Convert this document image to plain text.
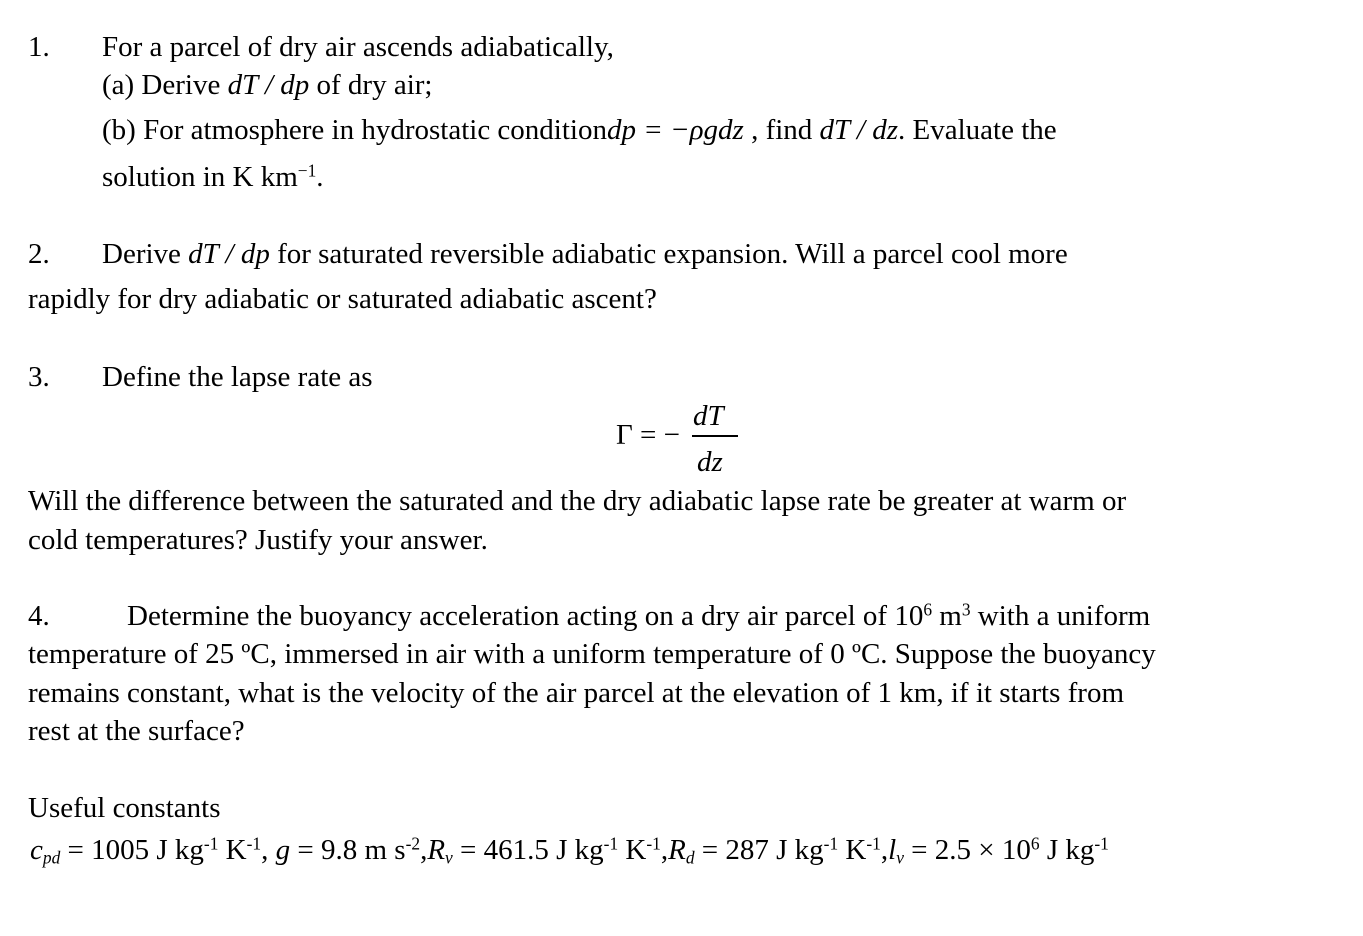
1. For a parcel of dry air ascends adiabatically,
(a) Derive dT / dp of dry air;
(b) For atmosphere in hydrostatic conditiondp = −ρgdz , find dT / dz. Evaluate the
solution in K $km^{-1}$.
2. Derive dT / dp for saturated reversible adiabatic expansion. Will a parcel cool more
rapidly for dry adiabatic or saturated adiabatic ascent?
3. Define the lapse rate as
Γ = −
dT
dz
Will the difference between the saturated and the dry adiabatic lapse rate be greater at warm or
cold temperatures? Justify your answer.
4.	Determine the buoyancy acceleration acting on a dry air parcel of $10^6$ $m^3$ with a uniform
temperature of 25 ºC, immersed in air with a uniform temperature of 0 ºC. Suppose the buoyancy
remains constant, what is the velocity of the air parcel at the elevation of 1 km, if it starts from
rest at the surface?
Useful constants
$c_{pd} = 1005$ J $kg^{-1}$ $K^{-1}$, g = 9.8 m $s^{-2},R_v = 461.5$ J $kg^{-1}$ $K^{-1},R_d = 287$ J $kg^{-1}$ $K^{-1},l_v = 2.5 \times 10^6$ J $kg^{-1}$
